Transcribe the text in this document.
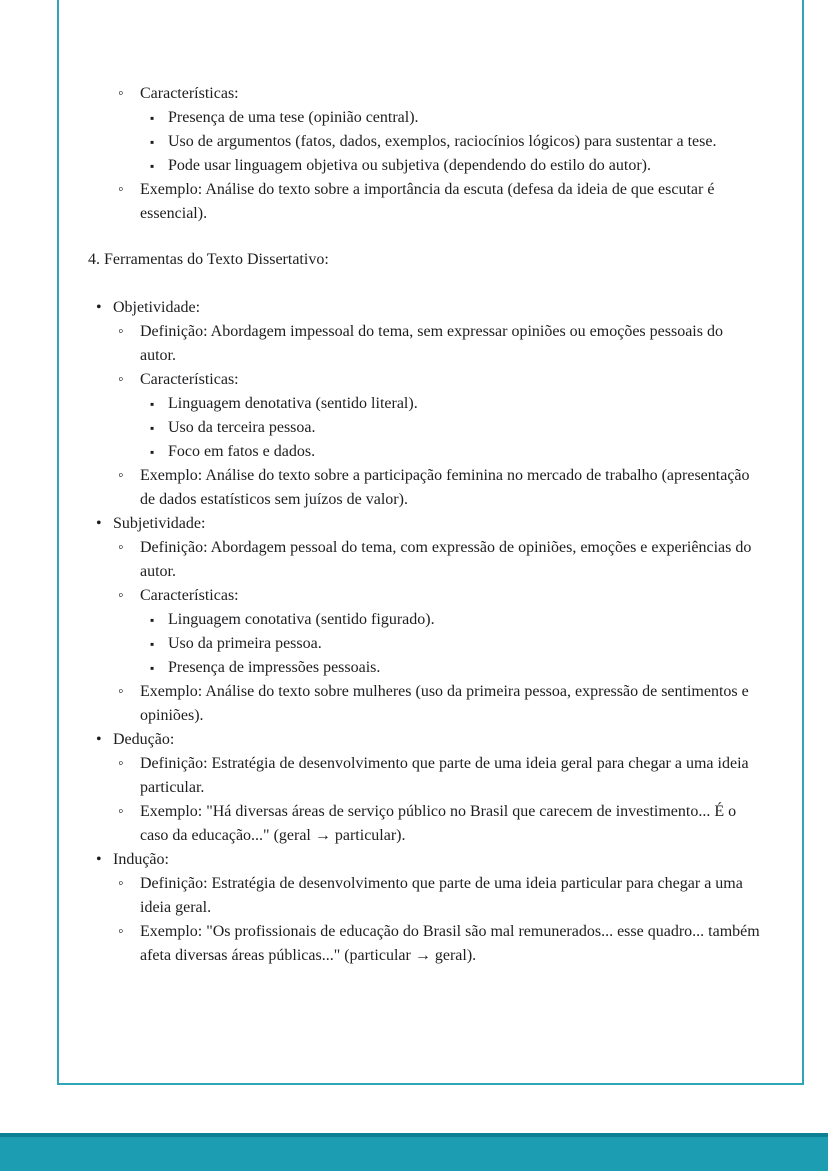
◦	Características:
▪ Presença de uma tese (opinião central).
▪ Uso de argumentos (fatos, dados, exemplos, raciocínios lógicos) para sustentar a tese.
▪ Pode usar linguagem objetiva ou subjetiva (dependendo do estilo do autor).
◦	Exemplo: Análise do texto sobre a importância da escuta (defesa da ideia de que escutar é essencial).

4. Ferramentas do Texto Dissertativo:

• Objetividade:
◦	Definição: Abordagem impessoal do tema, sem expressar opiniões ou emoções pessoais do autor.
◦	Características:
▪ Linguagem denotativa (sentido literal).
▪ Uso da terceira pessoa.
▪ Foco em fatos e dados.
◦	Exemplo: Análise do texto sobre a participação feminina no mercado de trabalho (apresentação de dados estatísticos sem juízos de valor).
• Subjetividade:
◦	Definição: Abordagem pessoal do tema, com expressão de opiniões, emoções e experiências do autor.
◦	Características:
▪ Linguagem conotativa (sentido figurado).
▪ Uso da primeira pessoa.
▪ Presença de impressões pessoais.
◦	Exemplo: Análise do texto sobre mulheres (uso da primeira pessoa, expressão de sentimentos e opiniões).
• Dedução:
◦	Definição: Estratégia de desenvolvimento que parte de uma ideia geral para chegar a uma ideia particular.
◦	Exemplo: "Há diversas áreas de serviço público no Brasil que carecem de investimento... É o caso da educação..." (geral → particular).
• Indução:
◦	Definição: Estratégia de desenvolvimento que parte de uma ideia particular para chegar a uma ideia geral.
◦	Exemplo: "Os profissionais de educação do Brasil são mal remunerados... esse quadro... também afeta diversas áreas públicas..." (particular → geral).
